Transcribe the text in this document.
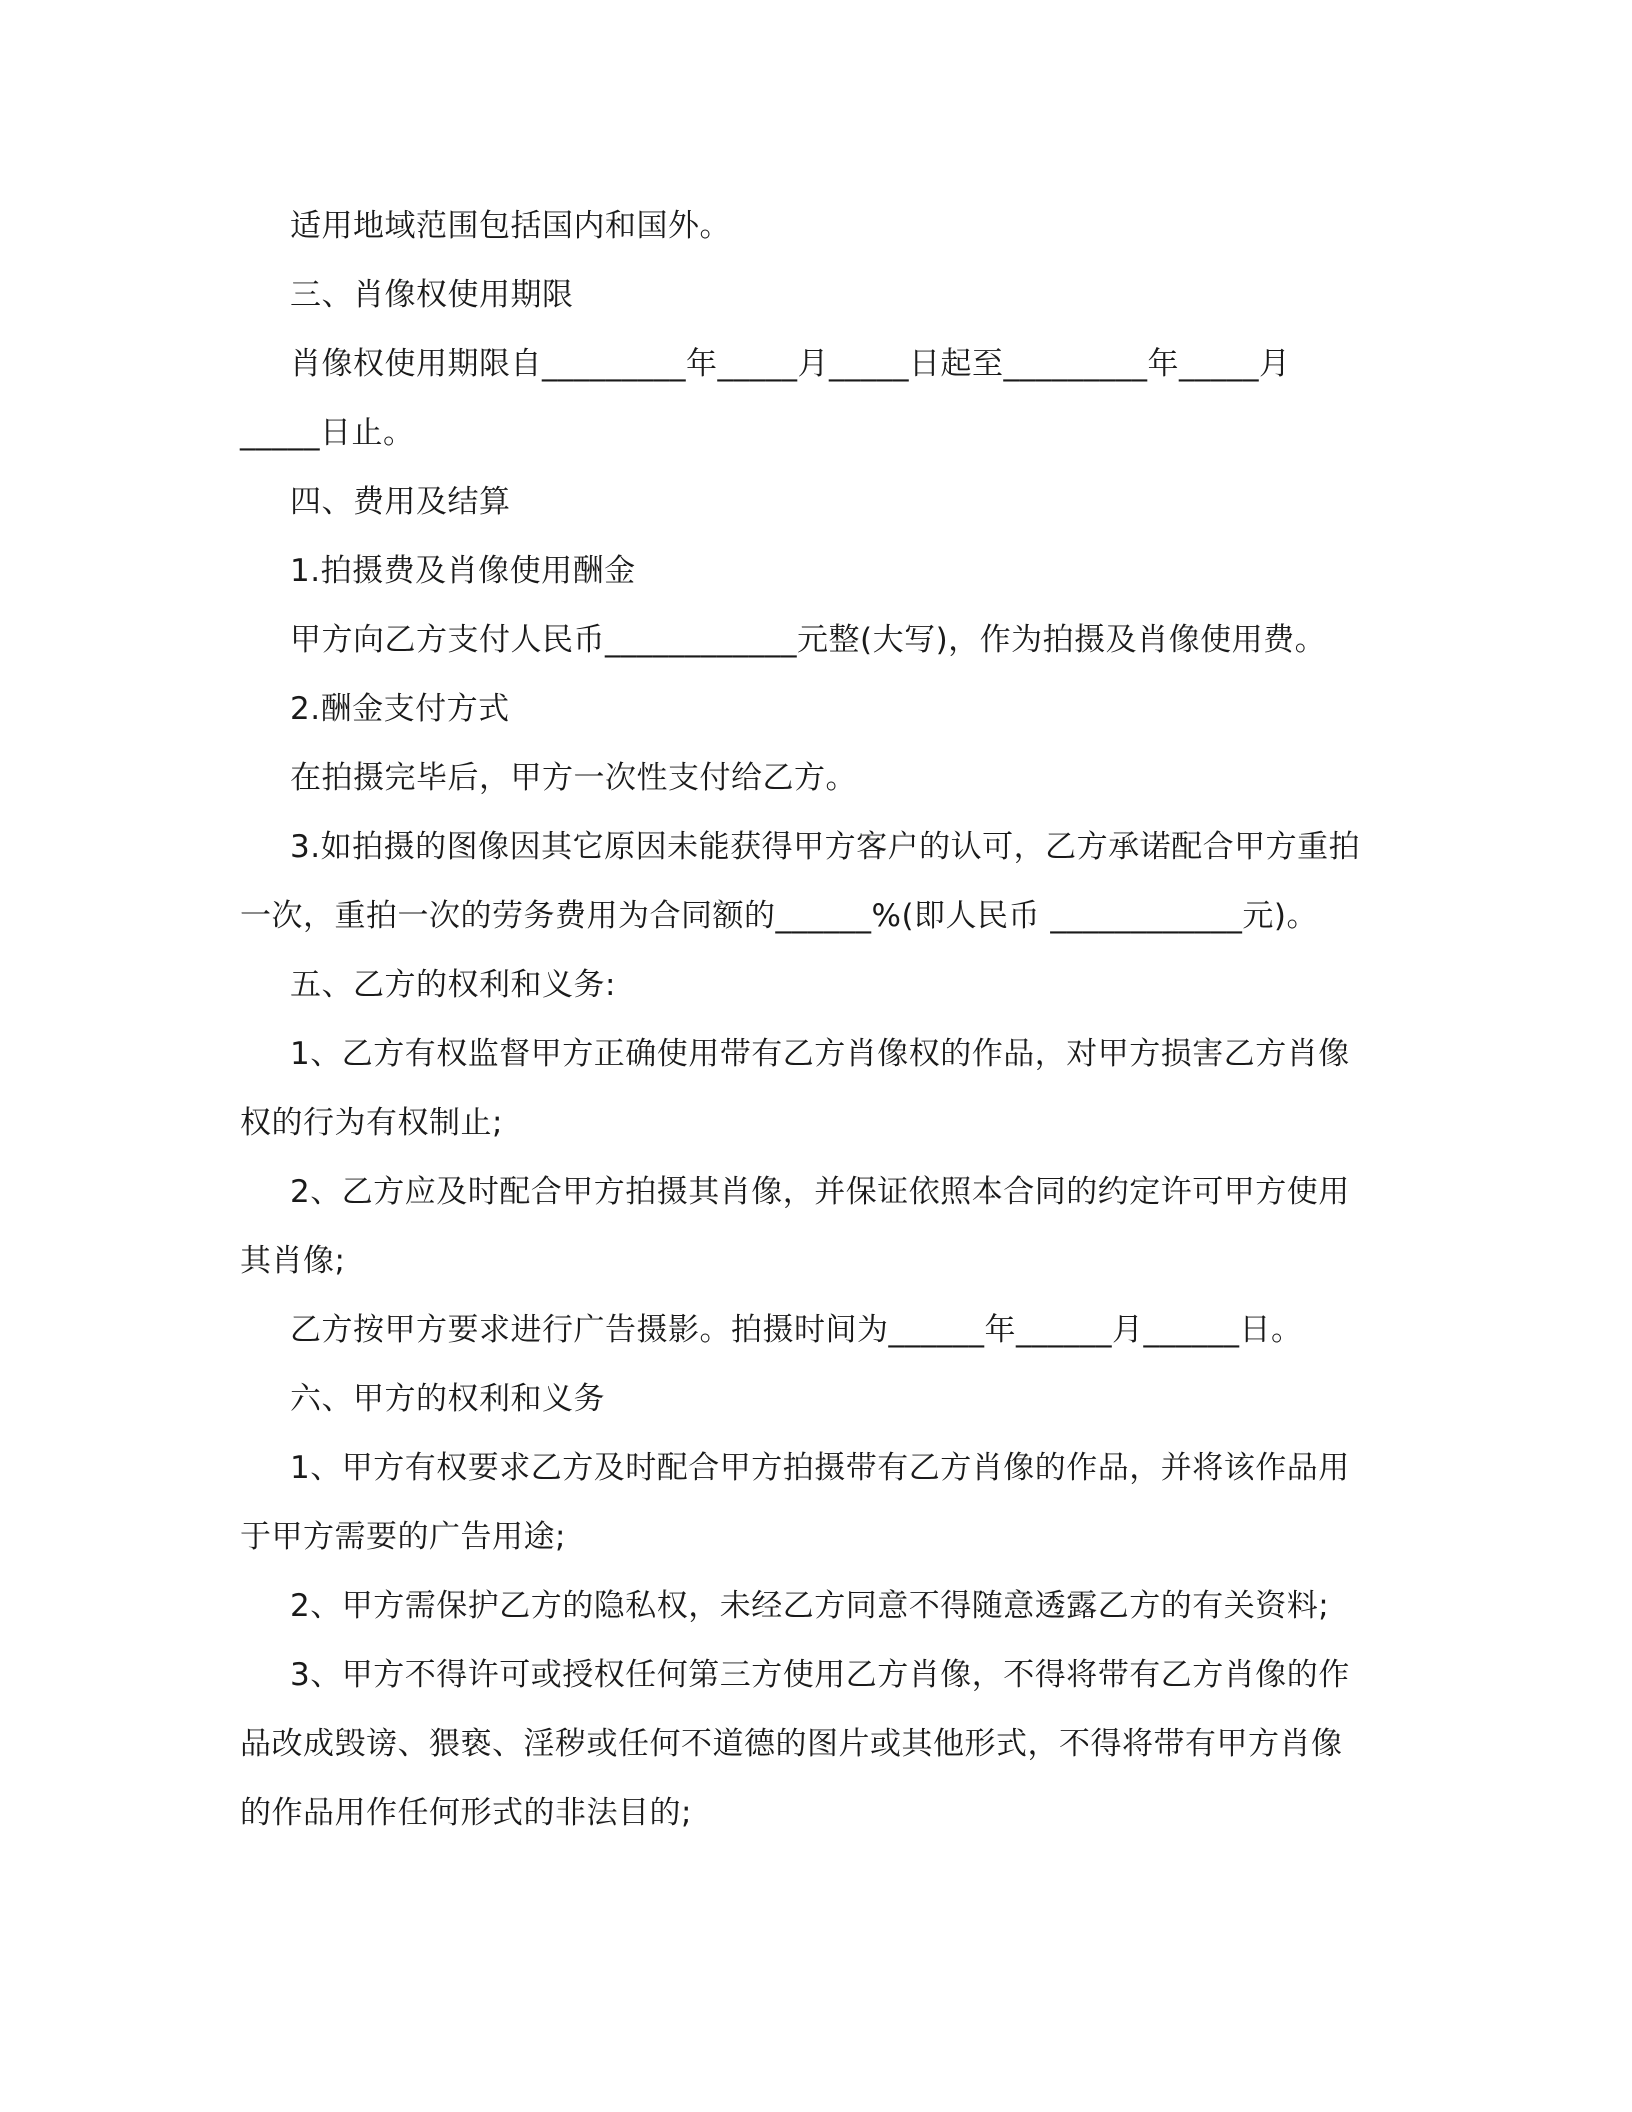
适用地域范围包括国内和国外。

三、肖像权使用期限

肖像权使用期限自_________年_____月_____日起至_________年_____月

_____日止。

四、费用及结算

1.拍摄费及肖像使用酬金

甲方向乙方支付人民币____________元整(大写)，作为拍摄及肖像使用费。

2.酬金支付方式

在拍摄完毕后，甲方一次性支付给乙方。

3.如拍摄的图像因其它原因未能获得甲方客户的认可，乙方承诺配合甲方重拍

一次，重拍一次的劳务费用为合同额的______%(即人民币 ____________元)。

五、乙方的权利和义务:

1、乙方有权监督甲方正确使用带有乙方肖像权的作品，对甲方损害乙方肖像

权的行为有权制止;

2、乙方应及时配合甲方拍摄其肖像，并保证依照本合同的约定许可甲方使用

其肖像;

乙方按甲方要求进行广告摄影。拍摄时间为______年______月______日。

六、甲方的权利和义务

1、甲方有权要求乙方及时配合甲方拍摄带有乙方肖像的作品，并将该作品用

于甲方需要的广告用途;

2、甲方需保护乙方的隐私权，未经乙方同意不得随意透露乙方的有关资料;

3、甲方不得许可或授权任何第三方使用乙方肖像，不得将带有乙方肖像的作

品改成毁谤、猥亵、淫秽或任何不道德的图片或其他形式，不得将带有甲方肖像

的作品用作任何形式的非法目的;
